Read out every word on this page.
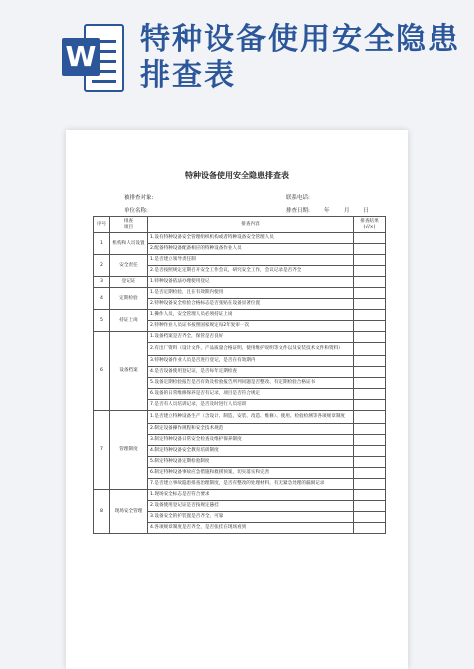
W 特种设备使用安全隐患排查表
特种设备使用安全隐患排查表
被排查对象:	联系电话:
单位名称:	排查日期:	年	月 日
序号	排查
项目	排查内容	排查结果
(√/×)
1	机构和人员设置	1.设有特种设备安全管理组织机构或者特种设备安全管理人员	
		2.配备特种设备配备相应的特种设备作业人员	
2	安全责任	1.是否建立领导责任制	
		2.是否按照规定定期召开安全工作会议，研究安全工作，会议记录是否齐全	
3	登记证	1.特种设备依法办理使用登记	
4	定期检验	1.是否定期检验，且在有效期内使用	
		2.特种设备安全检验合格标志是否张贴在设备显著位置	
5	持证上岗	1.操作人员，安全管理人员必须持证上岗	
		2.特种作业人员证书按照国家规定每2年复审一次	
6	设备档案	1.设备档案是否齐全，保管是否良好	
		2.有出厂资料（设计文件、产品质量合格证明、使用维护说明等文件以及安装技术文件和资料）	
		3.特种设备作业人员是否进行登记，是否在有效期内	
		4.是否设备使用登记证，是否每年定期检查	
		5.设备定期检验报告是否有效及检验报告所列问题是否整改、有定期检验合格证书	
		6.设备的日常维修保养是否有记录，项目是否符合规定	
		7.是否有人员培训记录，是否及时进行人员培训	
7	管理制度	1.是否建立特种设备生产（含设计、制造、安装、改造、维修）、使用、检验检测等各项规章制度	
		2.制定设备操作规程和安全技术规范	
		3.制定特种设备日常安全检查及维护保养制度	
		4.制定特种设备安全教育培训制度	
		5.制定特种设备定期检验制度	
		6.制定特种设备事故应急措施和救援预案，切实落实和完善	
		7.是否建立事故隐患排查治理制度，是否有整改的处理材料，有无紧急处理的漏洞记录	
8	现场安全管理	1.现场安全标志是否符合要求	
		2.设备使用登记证是否按规定悬挂	
		3.设备安全的护装置是否齐全，可靠	
		4.各项规章制度是否齐全，是否张挂在现场看到	
